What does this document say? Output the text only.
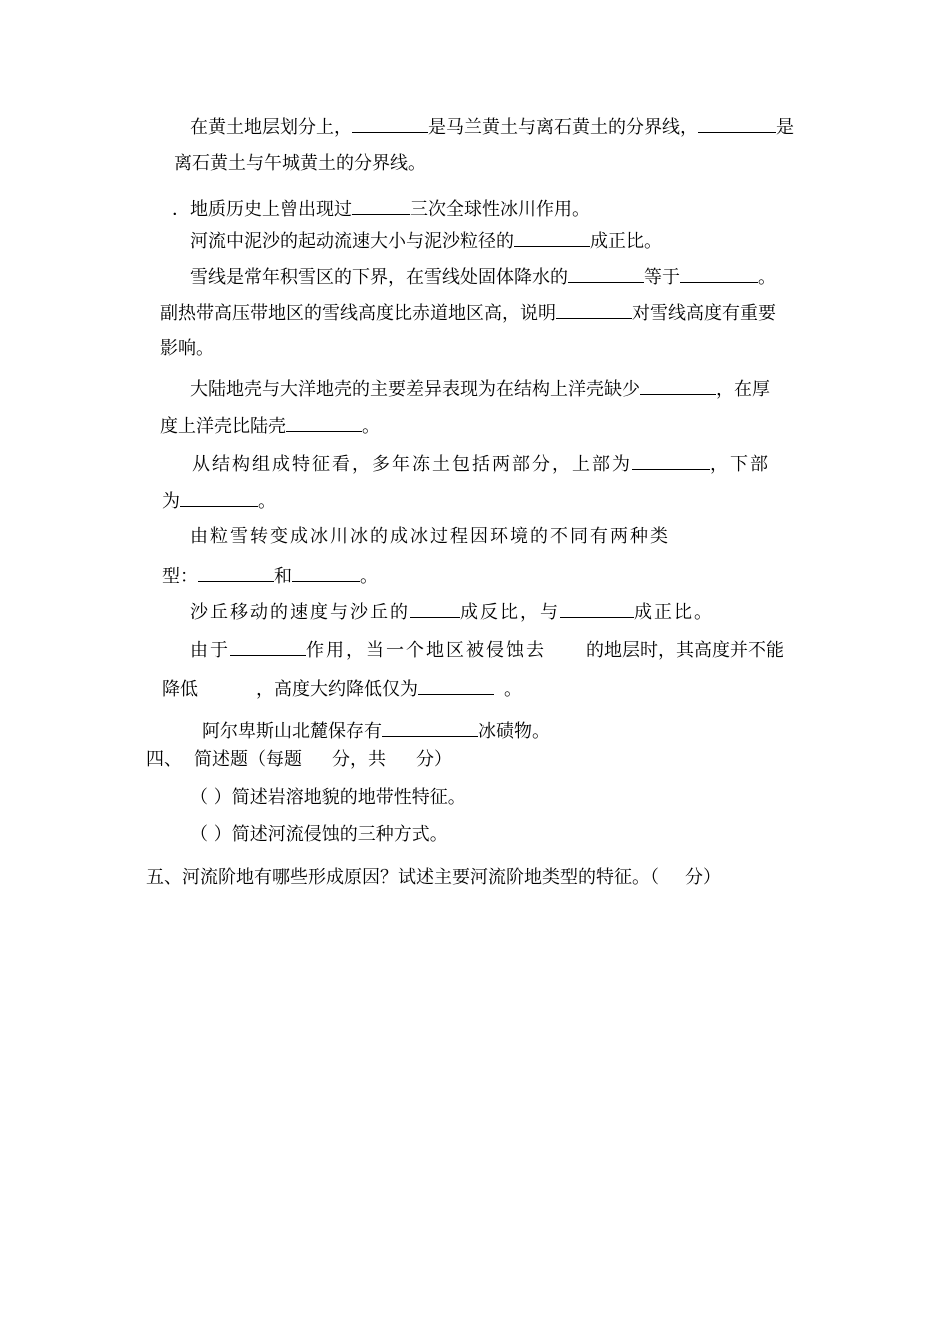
在黄土地层划分上，	是马兰黄土与离石黄土的分界线，	是
离石黄土与午城黄土的分界线。
．地质历史上曾出现过	三次全球性冰川作用。
河流中泥沙的起动流速大小与泥沙粒径的	成正比。
雪线是常年积雪区的下界，在雪线处固体降水的	等于	。
副热带高压带地区的雪线高度比赤道地区高，说明	对雪线高度有重要
影响。
大陆地壳与大洋地壳的主要差异表现为在结构上洋壳缺少	，在厚
度上洋壳比陆壳	。
从结构组成特征看，多年冻土包括两部分，上部为	，下部
为	。
由粒雪转变成冰川冰的成冰过程因环境的不同有两种类
型：	和	。
沙丘移动的速度与沙丘的	成反比，与	成正比。
由于	作用，当一个地区被侵蚀去 的地层时，其高度并不能
降低	，高度大约降低仅为	。
阿尔卑斯山北麓保存有	冰碛物。
四、 简述题（每题 分，共 分）
（ ）简述岩溶地貌的地带性特征。
（ ）简述河流侵蚀的三种方式。
五、河流阶地有哪些形成原因？试述主要河流阶地类型的特征。（ 分）
